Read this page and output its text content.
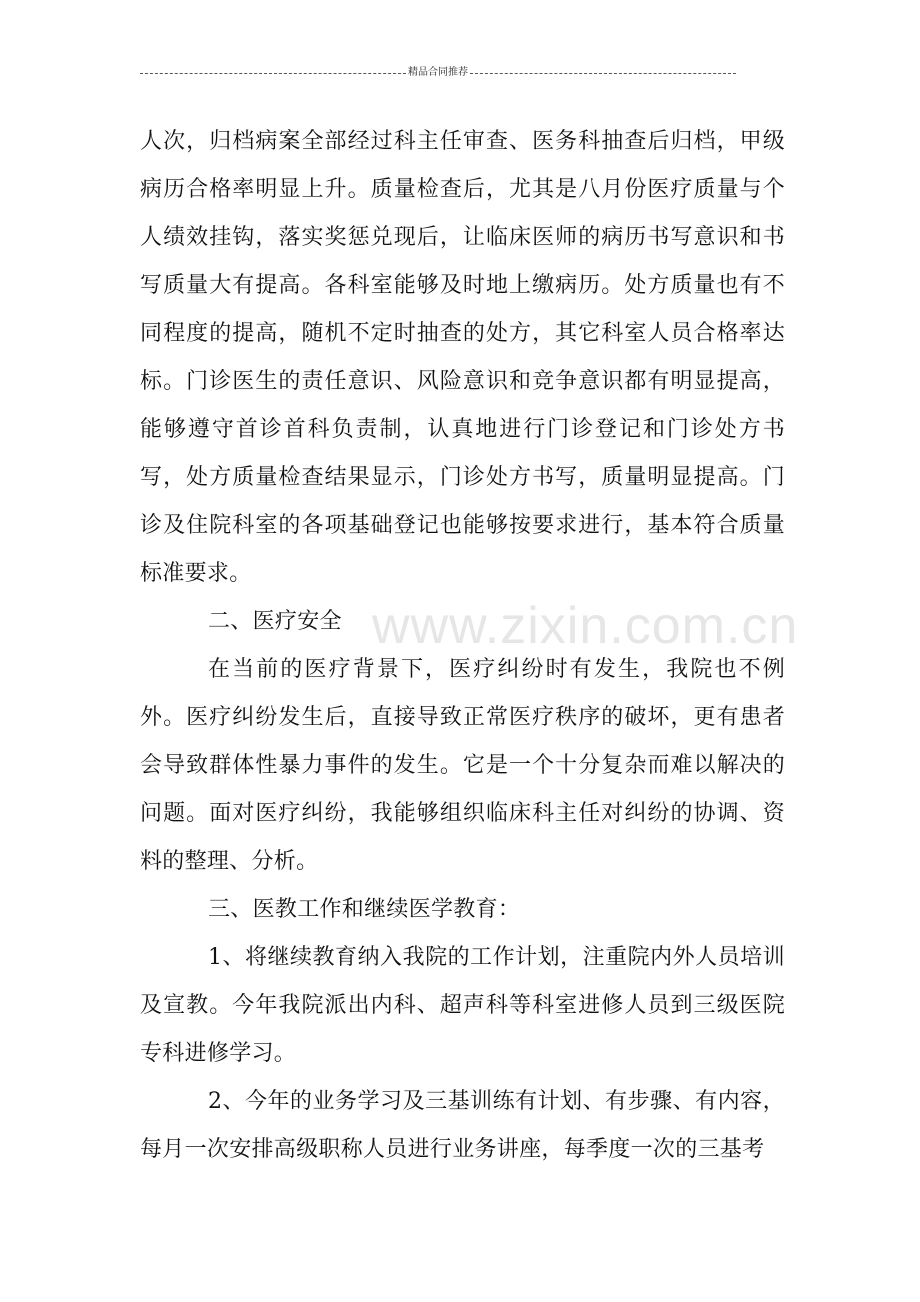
精品合同推荐

人次，归档病案全部经过科主任审查、医务科抽查后归档，甲级病历合格率明显上升。质量检查后，尤其是八月份医疗质量与个人绩效挂钩，落实奖惩兑现后，让临床医师的病历书写意识和书写质量大有提高。各科室能够及时地上缴病历。处方质量也有不同程度的提高，随机不定时抽查的处方，其它科室人员合格率达标。门诊医生的责任意识、风险意识和竞争意识都有明显提高，能够遵守首诊首科负责制，认真地进行门诊登记和门诊处方书写，处方质量检查结果显示，门诊处方书写，质量明显提高。门诊及住院科室的各项基础登记也能够按要求进行，基本符合质量标准要求。

二、医疗安全

在当前的医疗背景下，医疗纠纷时有发生，我院也不例外。医疗纠纷发生后，直接导致正常医疗秩序的破坏，更有患者会导致群体性暴力事件的发生。它是一个十分复杂而难以解决的问题。面对医疗纠纷，我能够组织临床科主任对纠纷的协调、资料的整理、分析。

三、医教工作和继续医学教育：

1、将继续教育纳入我院的工作计划，注重院内外人员培训及宣教。今年我院派出内科、超声科等科室进修人员到三级医院专科进修学习。

2、今年的业务学习及三基训练有计划、有步骤、有内容，每月一次安排高级职称人员进行业务讲座，每季度一次的三基考

www.zixin.com.cn
